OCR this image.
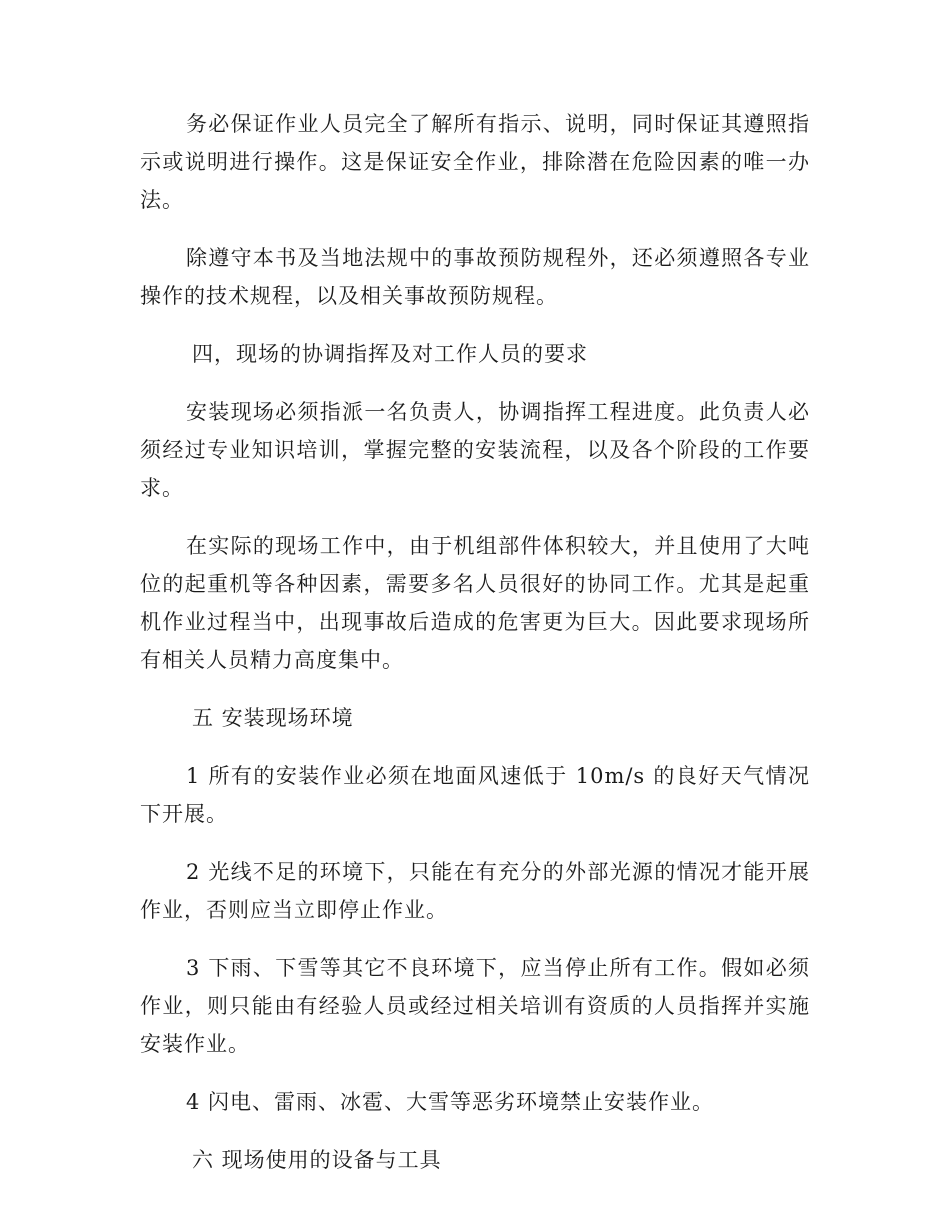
务必保证作业人员完全了解所有指示、说明，同时保证其遵照指示或说明进行操作。这是保证安全作业，排除潜在危险因素的唯一办法。

除遵守本书及当地法规中的事故预防规程外，还必须遵照各专业操作的技术规程，以及相关事故预防规程。

四，现场的协调指挥及对工作人员的要求

安装现场必须指派一名负责人，协调指挥工程进度。此负责人必须经过专业知识培训，掌握完整的安装流程，以及各个阶段的工作要求。

在实际的现场工作中，由于机组部件体积较大，并且使用了大吨位的起重机等各种因素，需要多名人员很好的协同工作。尤其是起重机作业过程当中，出现事故后造成的危害更为巨大。因此要求现场所有相关人员精力高度集中。

五 安装现场环境

1 所有的安装作业必须在地面风速低于 10m/s 的良好天气情况下开展。

2 光线不足的环境下，只能在有充分的外部光源的情况才能开展作业，否则应当立即停止作业。

3 下雨、下雪等其它不良环境下，应当停止所有工作。假如必须作业，则只能由有经验人员或经过相关培训有资质的人员指挥并实施安装作业。

4 闪电、雷雨、冰雹、大雪等恶劣环境禁止安装作业。

六 现场使用的设备与工具
